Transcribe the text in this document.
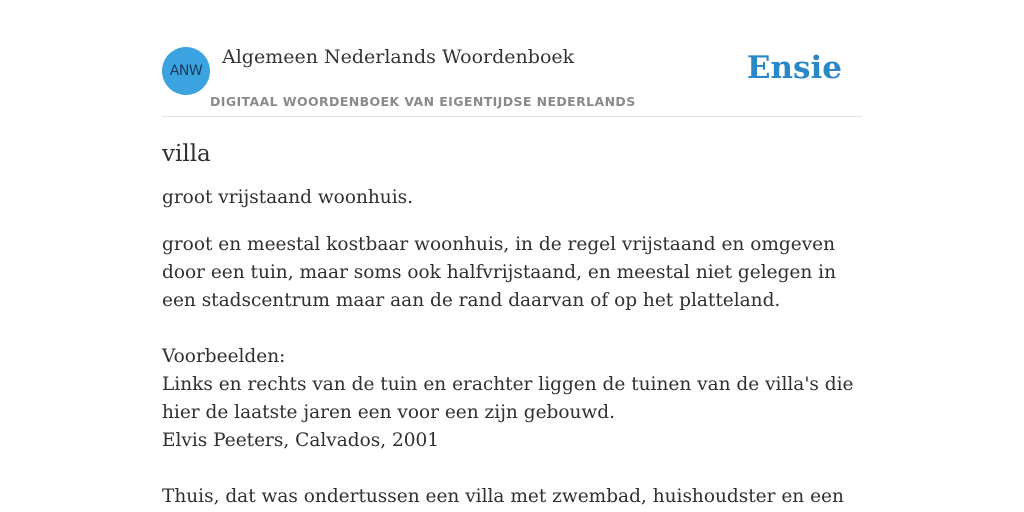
ANW
Algemeen Nederlands Woordenboek
DIGITAAL WOORDENBOEK VAN EIGENTIJDSE NEDERLANDS
Ensie
villa

groot vrijstaand woonhuis.

groot en meestal kostbaar woonhuis, in de regel vrijstaand en omgeven door een tuin, maar soms ook halfvrijstaand, en meestal niet gelegen in een stadscentrum maar aan de rand daarvan of op het platteland.

Voorbeelden:

Links en rechts van de tuin en erachter liggen de tuinen van de villa's die hier de laatste jaren een voor een zijn gebouwd.

Elvis Peeters, Calvados, 2001

Thuis, dat was ondertussen een villa met zwembad, huishoudster en een
